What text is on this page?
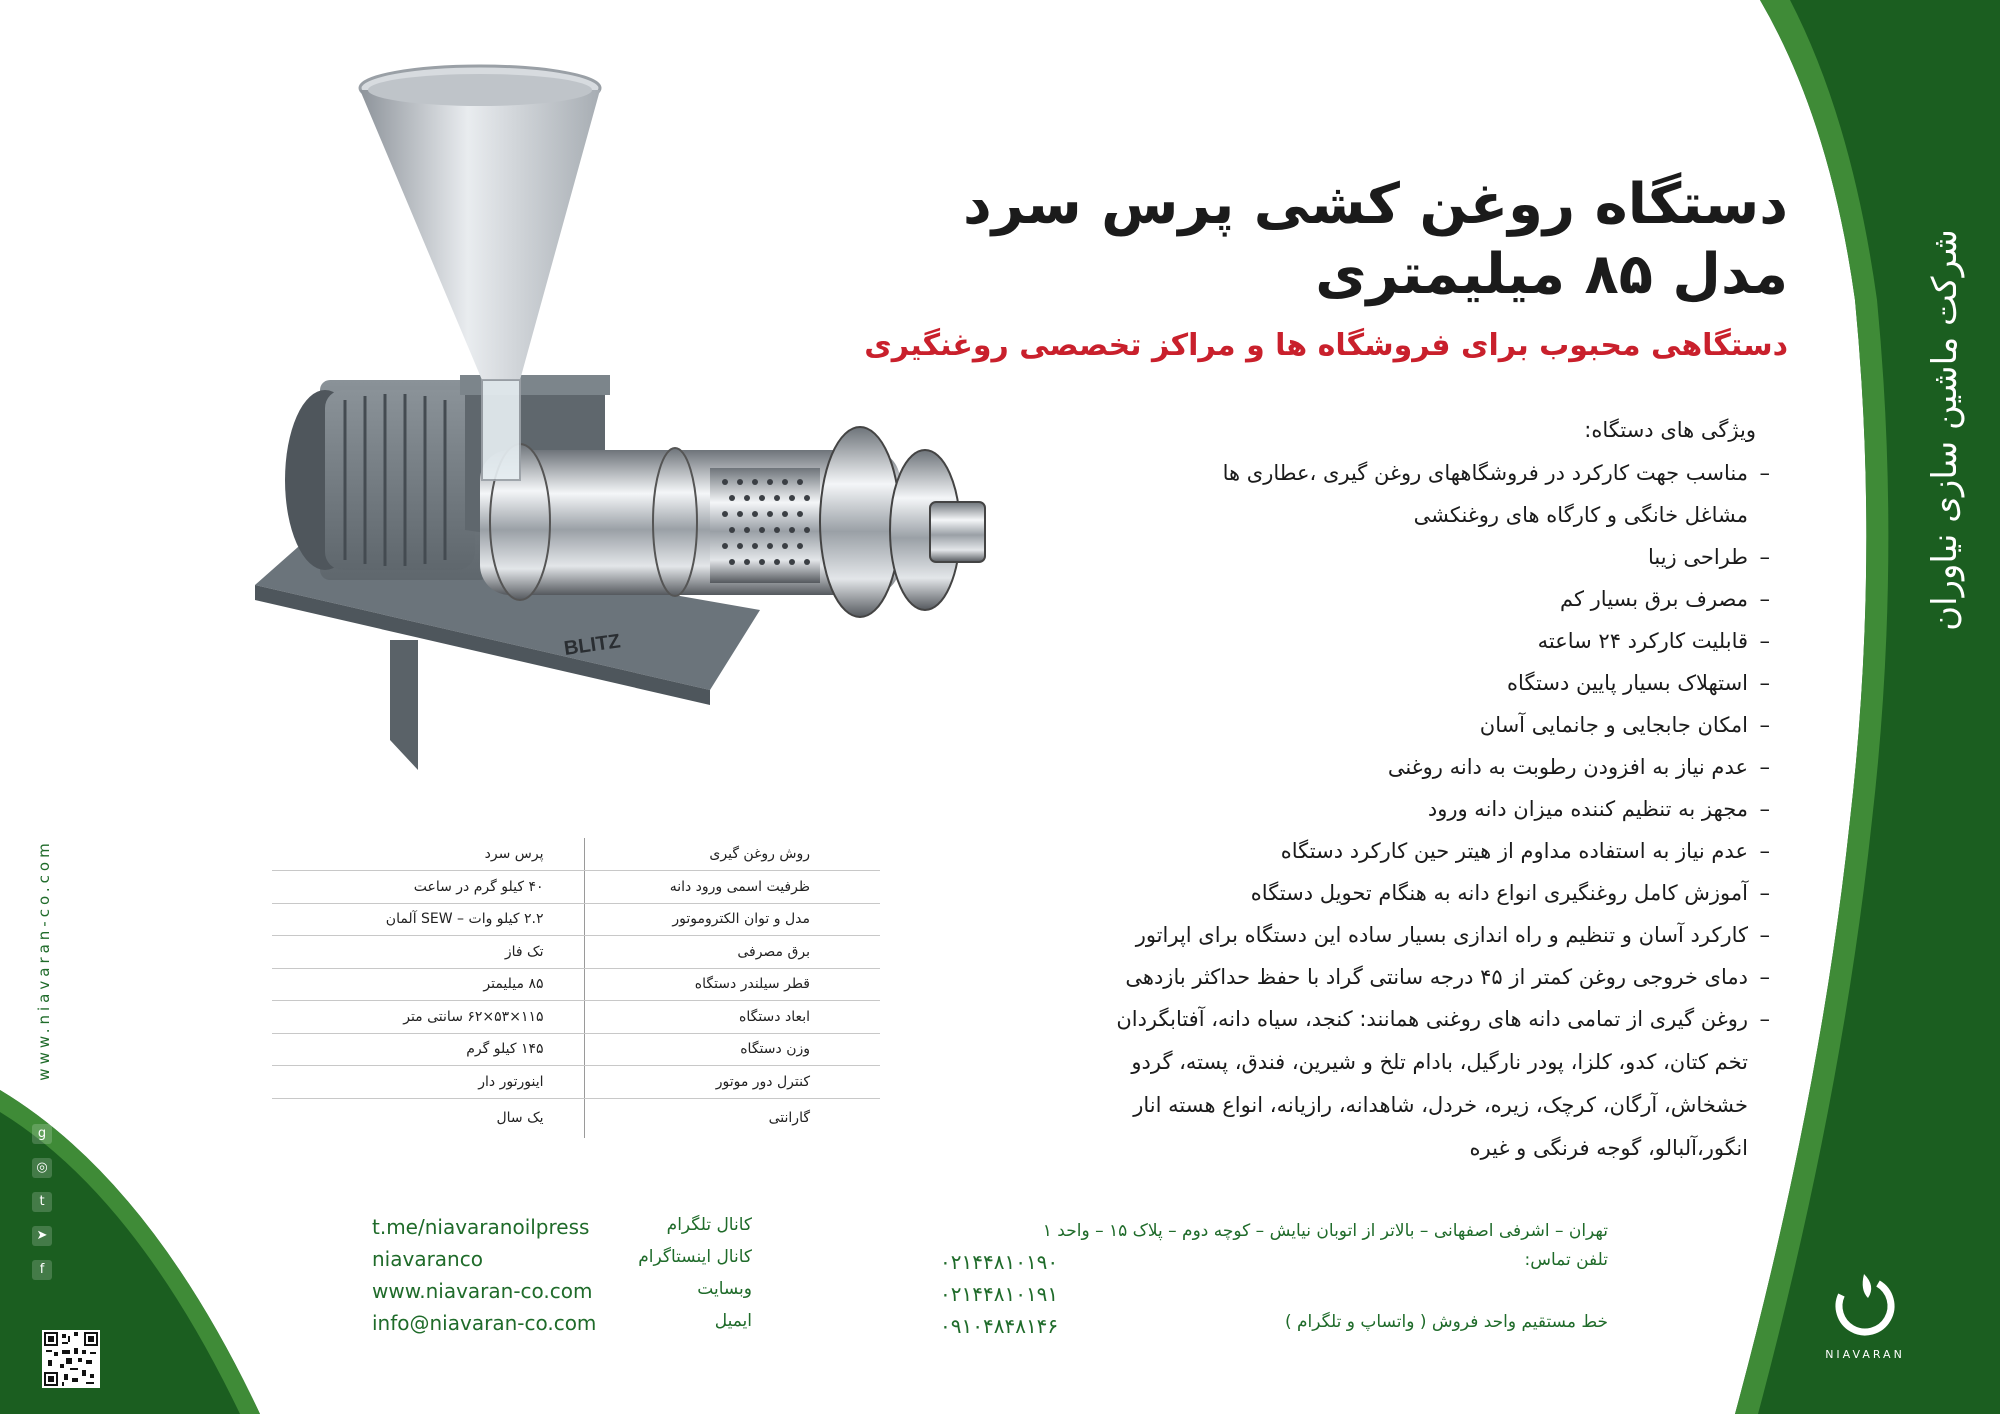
شرکت ماشین سازی نیاوران
www.niavaran-co.com
p
g
◎
t
➤
f
NIAVARAN
BLITZ
دستگاه روغن کشی پرس سرد
مدل ۸۵ میلیمتری
دستگاهی محبوب برای فروشگاه ها و مراکز تخصصی روغنگیری
ویژگی های دستگاه:
–مناسب جهت کارکرد در فروشگاههای روغن گیری ،عطاری ها
مشاغل خانگی و کارگاه های روغنکشی
–طراحی زیبا
–مصرف برق بسیار کم
–قابلیت کارکرد ۲۴ ساعته
–استهلاک بسیار پایین دستگاه
–امکان جابجایی و جانمایی آسان
–عدم نیاز به افزودن رطوبت به دانه روغنی
–مجهز به تنظیم کننده میزان دانه ورود
–عدم نیاز به استفاده مداوم از هیتر حین کارکرد دستگاه
–آموزش کامل روغنگیری انواع دانه به هنگام تحویل دستگاه
–کارکرد آسان و تنظیم و راه اندازی بسیار ساده این دستگاه برای اپراتور
–دمای خروجی روغن کمتر از ۴۵ درجه سانتی گراد با حفظ حداکثر بازدهی
–روغن گیری از تمامی دانه های روغنی همانند: کنجد، سیاه دانه، آفتابگردان
تخم کتان، کدو، کلزا، پودر نارگیل، بادام تلخ و شیرین، فندق، پسته، گردو
خشخاش، آرگان، کرچک، زیره، خردل، شاهدانه، رازیانه، انواع هسته انار
انگور،آلبالو، گوجه فرنگی و غیره
روش روغن گیری	پرس سرد
ظرفیت اسمی ورود دانه	۴۰ کیلو گرم در ساعت
مدل و توان الکتروموتور	۲.۲ کیلو وات – SEW آلمان
برق مصرفی	تک فاز
قطر سیلندر دستگاه	۸۵ میلیمتر
ابعاد دستگاه	۱۱۵×۵۳×۶۲ سانتی متر
وزن دستگاه	۱۴۵ کیلو گرم
کنترل دور موتور	اینورتور دار
گارانتی	یک سال
t.me/niavaranoilpress	کانال تلگرام
niavaranco	کانال اینستاگرام
www.niavaran-co.com	وبسایت
info@niavaran-co.com	ایمیل
تهران – اشرفی اصفهانی – بالاتر از اتوبان نیایش – کوچه دوم – پلاک ۱۵ – واحد ۱
تلفن تماس:
۰۲۱۴۴۸۱۰۱۹۰
۰۲۱۴۴۸۱۰۱۹۱
۰۹۱۰۴۸۴۸۱۴۶	خط مستقیم واحد فروش ( واتساپ و تلگرام )
